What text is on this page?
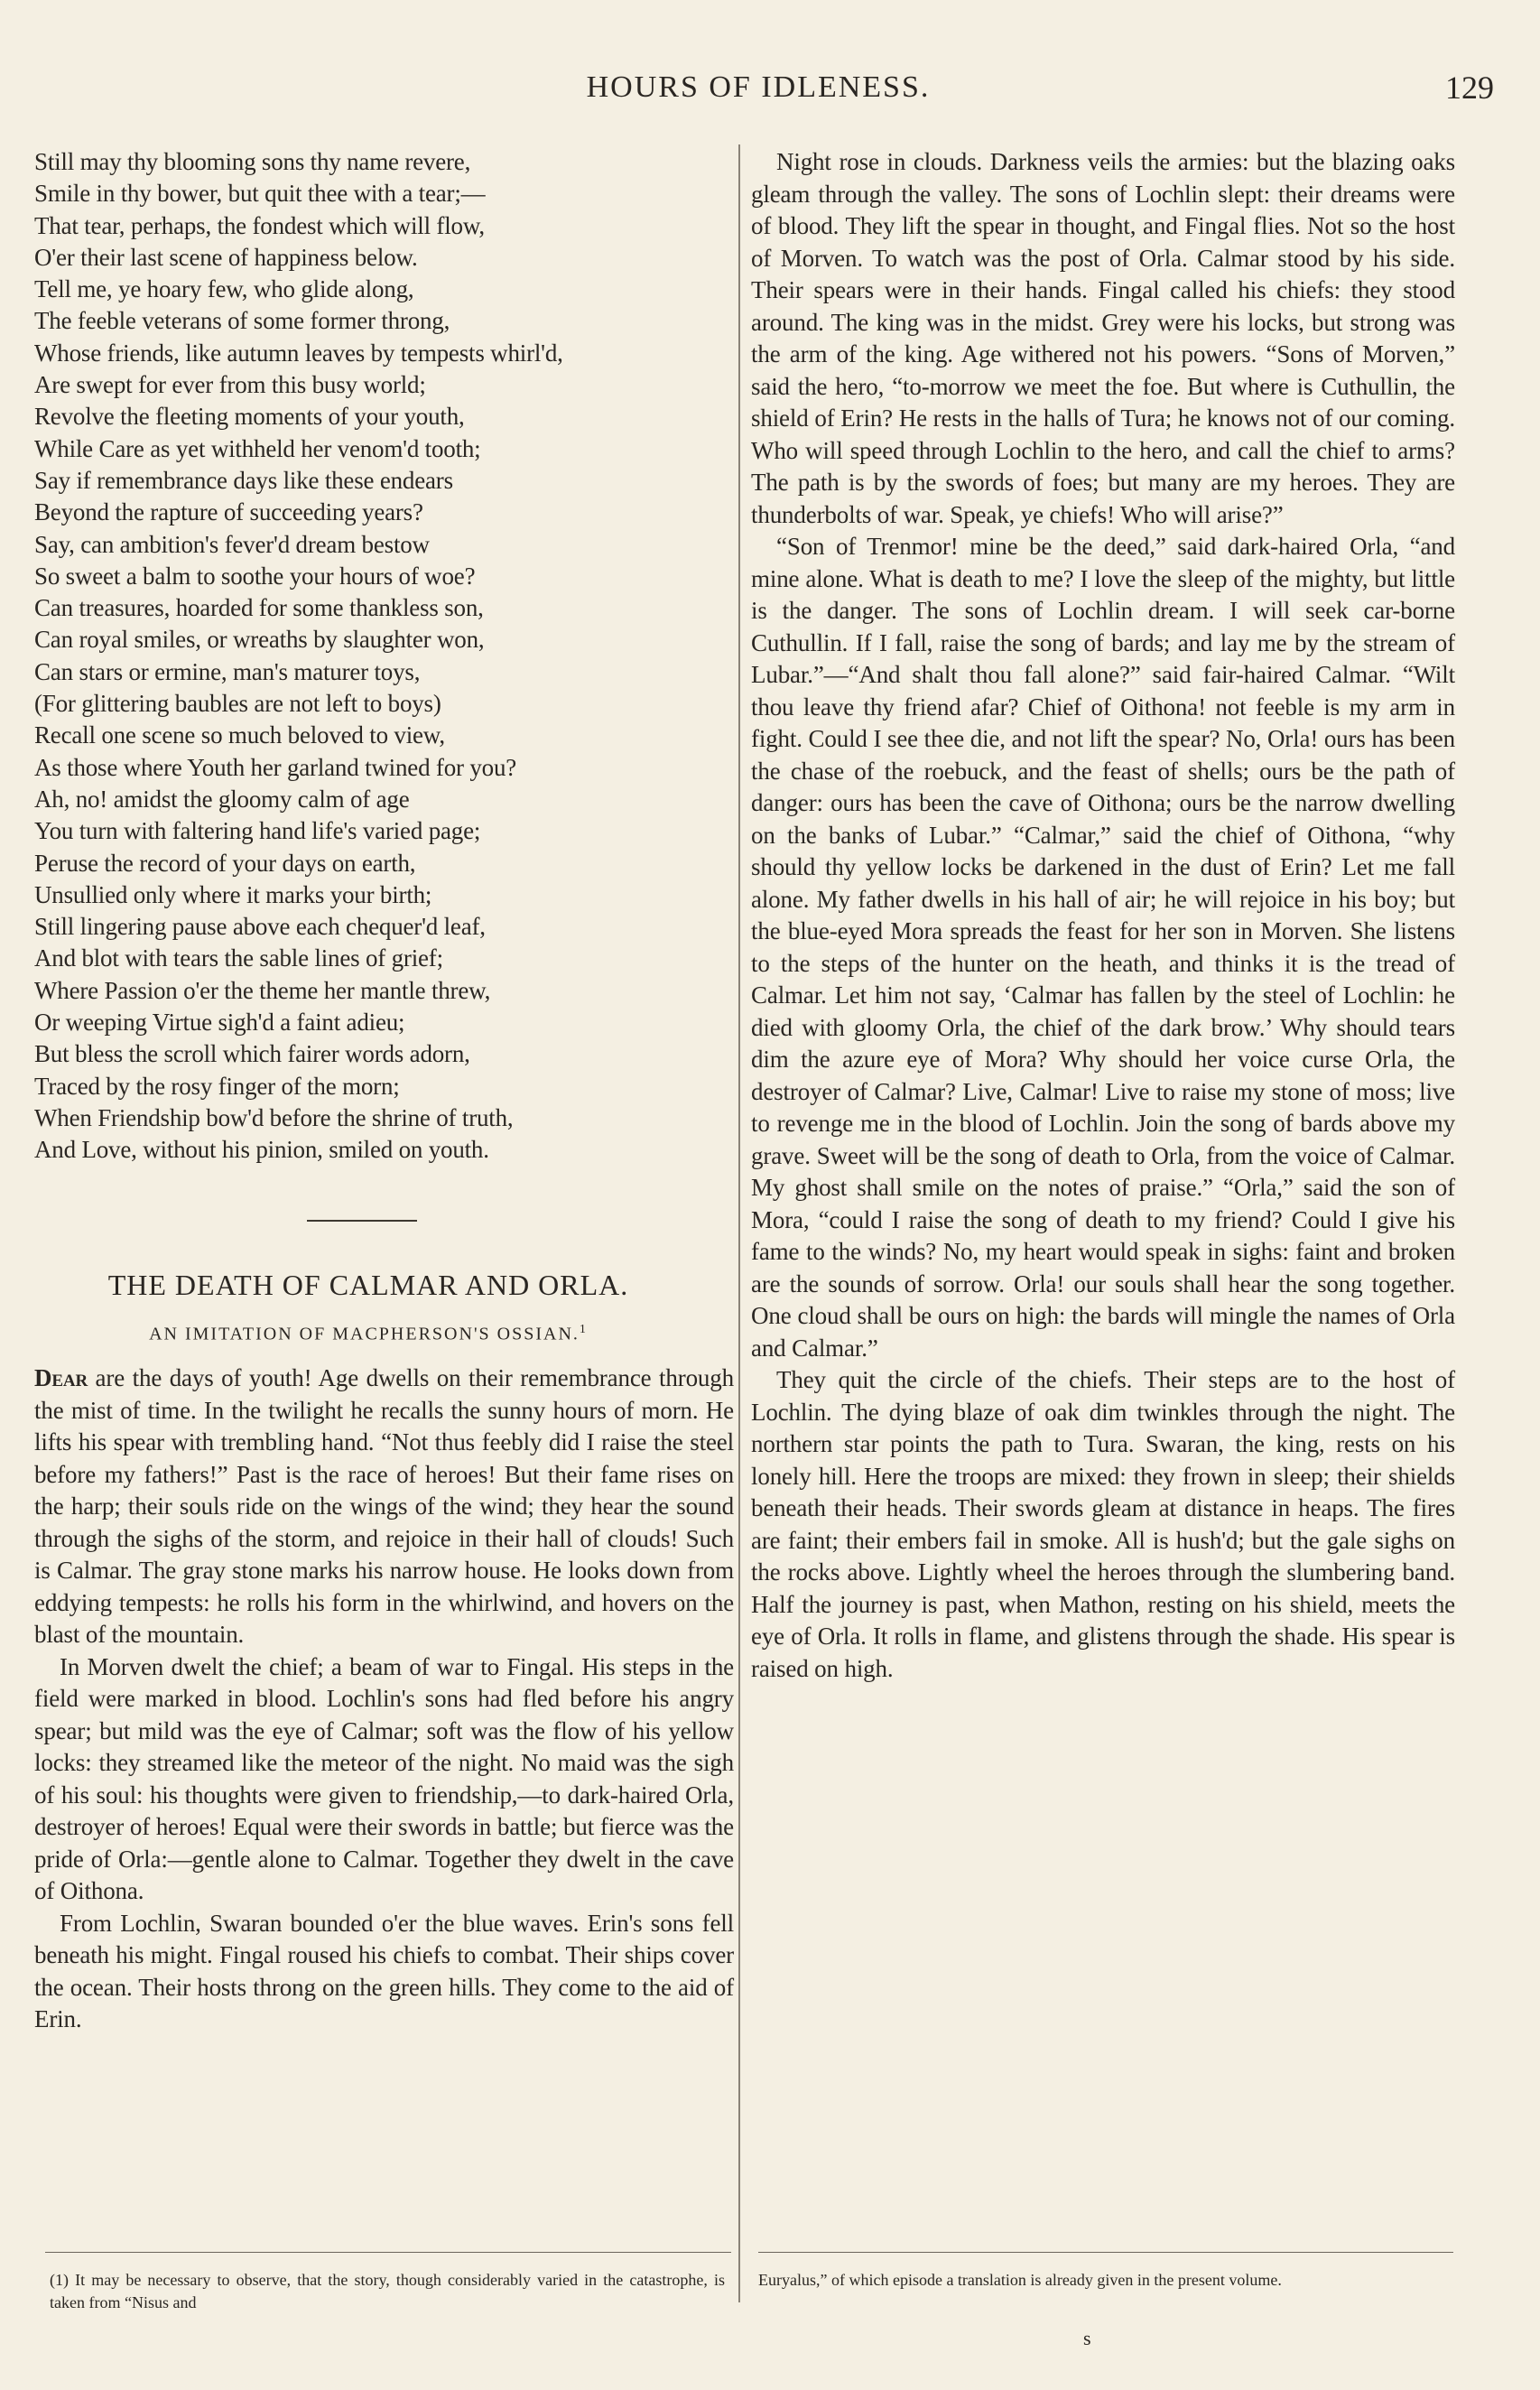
HOURS OF IDLENESS.	129
Still may thy blooming sons thy name revere,
Smile in thy bower, but quit thee with a tear;—
That tear, perhaps, the fondest which will flow,
O'er their last scene of happiness below.
Tell me, ye hoary few, who glide along,
The feeble veterans of some former throng,
Whose friends, like autumn leaves by tempests whirl'd,
Are swept for ever from this busy world;
Revolve the fleeting moments of your youth,
While Care as yet withheld her venom'd tooth;
Say if remembrance days like these endears
Beyond the rapture of succeeding years?
Say, can ambition's fever'd dream bestow
So sweet a balm to soothe your hours of woe?
Can treasures, hoarded for some thankless son,
Can royal smiles, or wreaths by slaughter won,
Can stars or ermine, man's maturer toys,
(For glittering baubles are not left to boys)
Recall one scene so much beloved to view,
As those where Youth her garland twined for you?
Ah, no! amidst the gloomy calm of age
You turn with faltering hand life's varied page;
Peruse the record of your days on earth,
Unsullied only where it marks your birth;
Still lingering pause above each chequer'd leaf,
And blot with tears the sable lines of grief;
Where Passion o'er the theme her mantle threw,
Or weeping Virtue sigh'd a faint adieu;
But bless the scroll which fairer words adorn,
Traced by the rosy finger of the morn;
When Friendship bow'd before the shrine of truth,
And Love, without his pinion, smiled on youth.
THE DEATH OF CALMAR AND ORLA.
AN IMITATION OF MACPHERSON'S OSSIAN.$^1$

Dear are the days of youth! Age dwells on their remembrance through the mist of time. In the twilight he recalls the sunny hours of morn. He lifts his spear with trembling hand. “Not thus feebly did I raise the steel before my fathers!” Past is the race of heroes! But their fame rises on the harp; their souls ride on the wings of the wind; they hear the sound through the sighs of the storm, and rejoice in their hall of clouds! Such is Calmar. The gray stone marks his narrow house. He looks down from eddying tempests: he rolls his form in the whirlwind, and hovers on the blast of the mountain.

In Morven dwelt the chief; a beam of war to Fingal. His steps in the field were marked in blood. Lochlin's sons had fled before his angry spear; but mild was the eye of Calmar; soft was the flow of his yellow locks: they streamed like the meteor of the night. No maid was the sigh of his soul: his thoughts were given to friendship,—to dark-haired Orla, destroyer of heroes! Equal were their swords in battle; but fierce was the pride of Orla:—gentle alone to Calmar. Together they dwelt in the cave of Oithona.

From Lochlin, Swaran bounded o'er the blue waves. Erin's sons fell beneath his might. Fingal roused his chiefs to combat. Their ships cover the ocean. Their hosts throng on the green hills. They come to the aid of Erin.

Night rose in clouds. Darkness veils the armies: but the blazing oaks gleam through the valley. The sons of Lochlin slept: their dreams were of blood. They lift the spear in thought, and Fingal flies. Not so the host of Morven. To watch was the post of Orla. Calmar stood by his side. Their spears were in their hands. Fingal called his chiefs: they stood around. The king was in the midst. Grey were his locks, but strong was the arm of the king. Age withered not his powers. “Sons of Morven,” said the hero, “to-morrow we meet the foe. But where is Cuthullin, the shield of Erin? He rests in the halls of Tura; he knows not of our coming. Who will speed through Lochlin to the hero, and call the chief to arms? The path is by the swords of foes; but many are my heroes. They are thunderbolts of war. Speak, ye chiefs! Who will arise?”

“Son of Trenmor! mine be the deed,” said dark-haired Orla, “and mine alone. What is death to me? I love the sleep of the mighty, but little is the danger. The sons of Lochlin dream. I will seek car-borne Cuthullin. If I fall, raise the song of bards; and lay me by the stream of Lubar.”—“And shalt thou fall alone?” said fair-haired Calmar. “Wilt thou leave thy friend afar? Chief of Oithona! not feeble is my arm in fight. Could I see thee die, and not lift the spear? No, Orla! ours has been the chase of the roebuck, and the feast of shells; ours be the path of danger: ours has been the cave of Oithona; ours be the narrow dwelling on the banks of Lubar.” “Calmar,” said the chief of Oithona, “why should thy yellow locks be darkened in the dust of Erin? Let me fall alone. My father dwells in his hall of air; he will rejoice in his boy; but the blue-eyed Mora spreads the feast for her son in Morven. She listens to the steps of the hunter on the heath, and thinks it is the tread of Calmar. Let him not say, ‘Calmar has fallen by the steel of Lochlin: he died with gloomy Orla, the chief of the dark brow.’ Why should tears dim the azure eye of Mora? Why should her voice curse Orla, the destroyer of Calmar? Live, Calmar! Live to raise my stone of moss; live to revenge me in the blood of Lochlin. Join the song of bards above my grave. Sweet will be the song of death to Orla, from the voice of Calmar. My ghost shall smile on the notes of praise.” “Orla,” said the son of Mora, “could I raise the song of death to my friend? Could I give his fame to the winds? No, my heart would speak in sighs: faint and broken are the sounds of sorrow. Orla! our souls shall hear the song together. One cloud shall be ours on high: the bards will mingle the names of Orla and Calmar.”

They quit the circle of the chiefs. Their steps are to the host of Lochlin. The dying blaze of oak dim twinkles through the night. The northern star points the path to Tura. Swaran, the king, rests on his lonely hill. Here the troops are mixed: they frown in sleep; their shields beneath their heads. Their swords gleam at distance in heaps. The fires are faint; their embers fail in smoke. All is hush'd; but the gale sighs on the rocks above. Lightly wheel the heroes through the slumbering band. Half the journey is past, when Mathon, resting on his shield, meets the eye of Orla. It rolls in flame, and glistens through the shade. His spear is raised on high.

(1) It may be necessary to observe, that the story, though considerably varied in the catastrophe, is taken from “Nisus and
Euryalus,” of which episode a translation is already given in the present volume.
s
